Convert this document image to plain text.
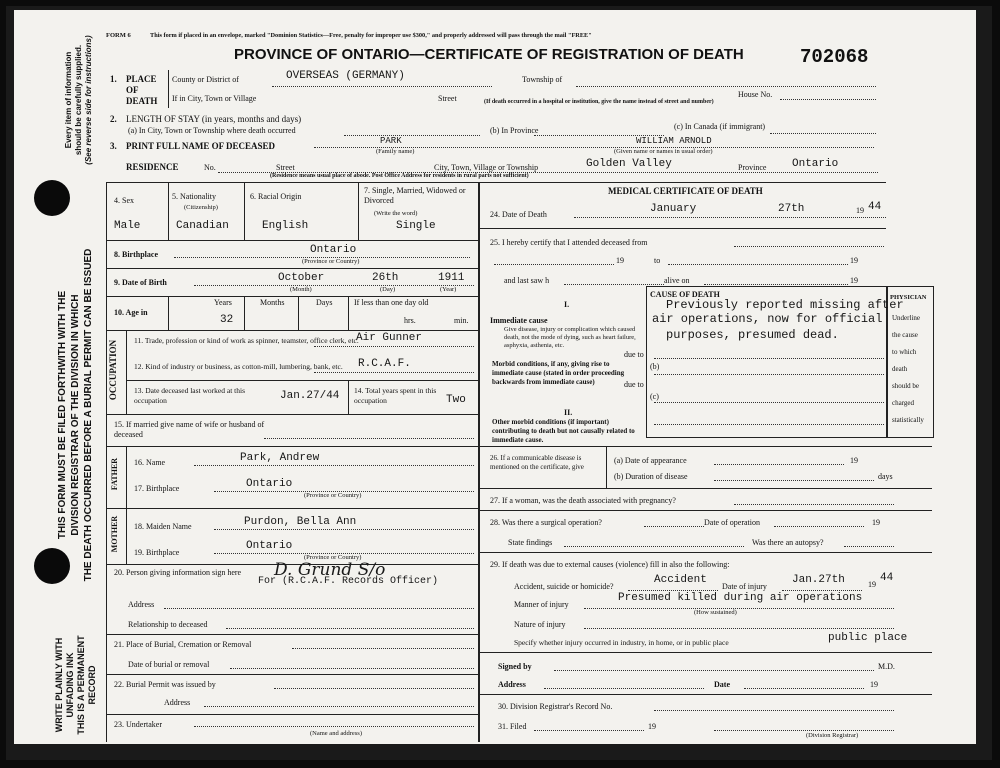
Every item of information should be carefully supplied. (See reverse side for instructions)
THIS FORM MUST BE FILED FORTHWITH WITH THE DIVISION REGISTRAR OF THE DIVISION IN WHICH THE DEATH OCCURRED BEFORE A BURIAL PERMIT CAN BE ISSUED
WRITE PLAINLY WITH UNFADING INK THIS IS A PERMANENT RECORD
FORM 6	This form if placed in an envelope, marked "Dominion Statistics—Free, penalty for improper use $300," and properly addressed will pass through the mail "FREE"
PROVINCE OF ONTARIO—CERTIFICATE OF REGISTRATION OF DEATH	702068
1. PLACE OF DEATH
County or District of	OVERSEAS (GERMANY)	Township of
If in City, Town or Village	Street	House No.
(If death occurred in a hospital or institution, give the name instead of street and number)
2. LENGTH OF STAY (in years, months and days)
(a) In City, Town or Township where death occurred	(b) In Province	(c) In Canada (if immigrant)
3. PRINT FULL NAME OF DECEASED	PARK
(Family name)
WILLIAM ARNOLD
(Given name or names in usual order)
RESIDENCE	No.	Street	City, Town, Village or Township	Golden Valley	Province Ontario
(Residence means usual place of abode. Post Office Address for residents in rural parts not sufficient)
4. Sex
Male
5. Nationality
(Citizenship)
Canadian
6. Racial Origin
English
7. Single, Married, Widowed or Divorced
(Write the word)
Single
8. Birthplace	Ontario
(Province or Country)
9. Date of Birth	October	26th	1911
(Month)	(Day)	(Year)
10. Age in
Years	Months	Days	If less than one day old
32	hrs.	min.
OCCUPATION 11. Trade, profession or kind of work as spinner, teamster, office clerk, etc.
Air Gunner
12. Kind of industry or business, as cotton-mill, lumbering, bank, etc. R.C.A.F.
13. Date deceased last worked at this occupation	Jan.27/44 14. Total years spent in this occupation	Two
15. If married give name of wife or husband of deceased
FATHER 16. Name	Park, Andrew
17. Birthplace	Ontario
(Province or Country)
MOTHER 18. Maiden Name	Purdon, Bella Ann
19. Birthplace
Ontario
(Province or Country)
20. Person giving information sign here D. Grund S/o
For (R.C.A.F. Records Officer)
Address
Relationship to deceased
21. Place of Burial, Cremation or Removal
Date of burial or removal
22. Burial Permit was issued by
Address
23. Undertaker
(Name and address)
MEDICAL CERTIFICATE OF DEATH
24. Date of Death	January	27th	19 44
25. I hereby certify that I attended deceased from
19	to	19
and last saw h	alive on	19
CAUSE OF DEATH	PHYSICIAN
Underline
the cause
to which
death
should be
charged
statistically
I.
Immediate cause
Give disease, injury or complication which caused death, not the mode of dying, such as heart failure, asphyxia, asthenia, etc.
Previously reported missing after
air operations, now for official
purposes, presumed dead.
due to
(b)
Morbid conditions, if any, giving rise to immediate cause (stated in order proceeding backwards from immediate cause)	due to
(c)
II.
Other morbid conditions (if important) contributing to death but not causally related to immediate cause.
26. If a communicable disease is mentioned on the certificate, give
(a) Date of appearance	19
(b) Duration of disease	days
27. If a woman, was the death associated with pregnancy?
28. Was there a surgical operation?	Date of operation	19
State findings	Was there an autopsy?
29. If death was due to external causes (violence) fill in also the following:
Accident, suicide or homicide?
Accident
Date of injury
Jan.27th	19
44
Manner of injury
Presumed killed during air operations
(How sustained)
Nature of injury
Specify whether injury occurred in industry, in home, or in public place	public place
Signed by	M.D.
Address	Date	19
30. Division Registrar's Record No.
31. Filed	19
(Division Registrar)
